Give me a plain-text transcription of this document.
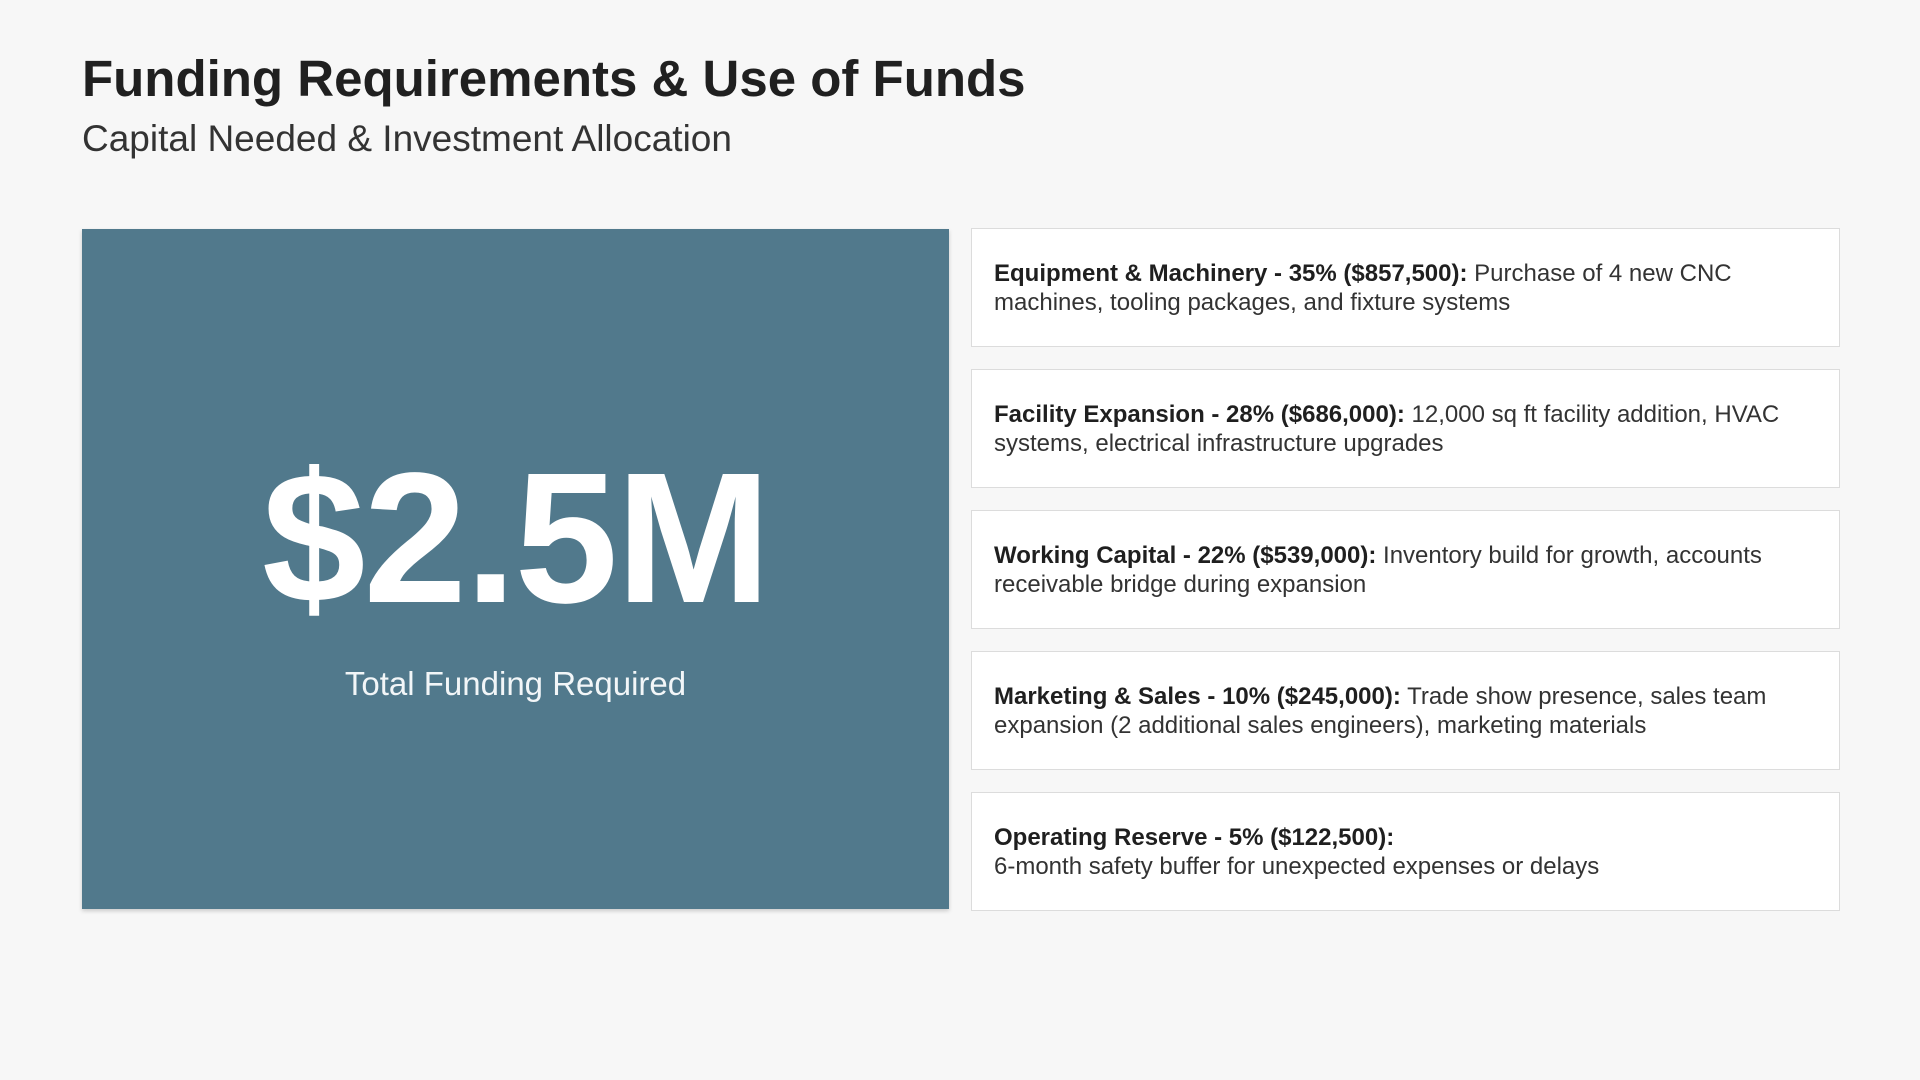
Funding Requirements & Use of Funds
Capital Needed & Investment Allocation
$2.5M
Total Funding Required

Equipment & Machinery - 35% ($857,500): Purchase of 4 new CNC machines, tooling packages, and fixture systems

Facility Expansion - 28% ($686,000): 12,000 sq ft facility addition, HVAC systems, electrical infrastructure upgrades

Working Capital - 22% ($539,000): Inventory build for growth, accounts receivable bridge during expansion

Marketing & Sales - 10% ($245,000): Trade show presence, sales team expansion (2 additional sales engineers), marketing materials

Operating Reserve - 5% ($122,500):
6-month safety buffer for unexpected expenses or delays
